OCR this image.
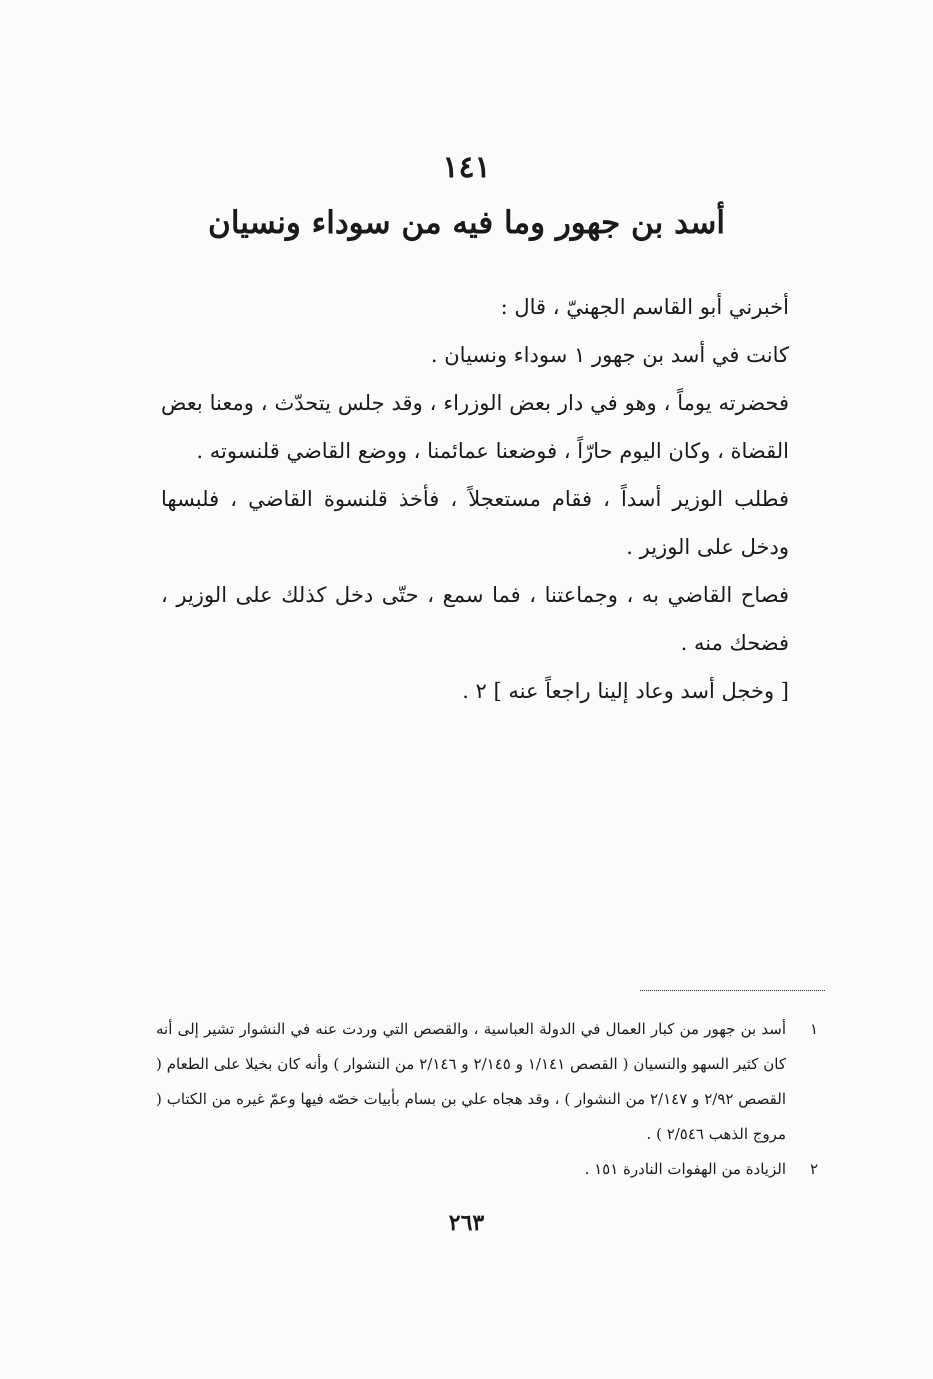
١٤١
أسد بن جهور وما فيه من سوداء ونسيان

أخبرني أبو القاسم الجهنيّ ، قال :

كانت في أسد بن جهور ١ سوداء ونسيان .

فحضرته يوماً ، وهو في دار بعض الوزراء ، وقد جلس يتحدّث ، ومعنا بعض القضاة ، وكان اليوم حارّاً ، فوضعنا عمائمنا ، ووضع القاضي قلنسوته .

فطلب الوزير أسداً ، فقام مستعجلاً ، فأخذ قلنسوة القاضي ، فلبسها ودخل على الوزير .

فصاح القاضي به ، وجماعتنا ، فما سمع ، حتّى دخل كذلك على الوزير ، فضحك منه .

[ وخجل أسد وعاد إلينا راجعاً عنه ] ٢ .

١
أسد بن جهور من كبار العمال في الدولة العباسية ، والقصص التي وردت عنه في النشوار تشير إلى أنه كان كثير السهو والنسيان ( القصص ١/١٤١ و ٢/١٤٥ و ٢/١٤٦ من النشوار ) وأنه كان بخيلا على الطعام ( القصص ٢/٩٢ و ٢/١٤٧ من النشوار ) ، وقد هجاه علي بن بسام بأبيات خصّه فيها وعمّ غيره من الكتاب ( مروج الذهب ٢/٥٤٦ ) .

٢
الزيادة من الهفوات النادرة ١٥١ .

٢٦٣
